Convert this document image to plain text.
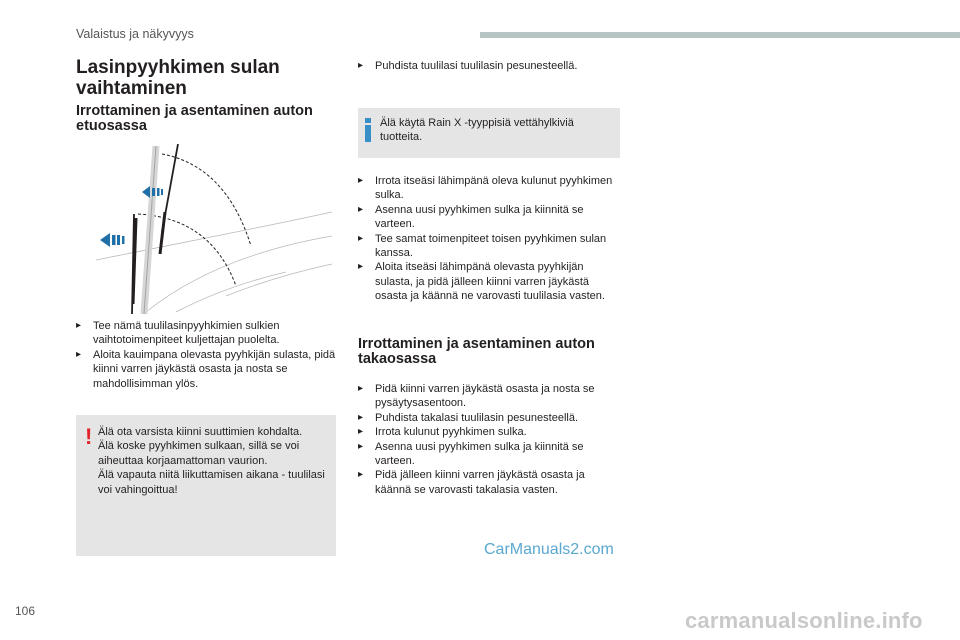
Valaistus ja näkyvyys
Lasinpyyhkimen sulan vaihtaminen
Irrottaminen ja asentaminen auton etuosassa
▸ Tee nämä tuulilasinpyyhkimien sulkien vaihtotoimenpiteet kuljettajan puolelta.
▸ Aloita kauimpana olevasta pyyhkijän sulasta, pidä kiinni varren jäykästä osasta ja nosta se mahdollisimman ylös.
! Älä ota varsista kiinni suuttimien kohdalta.
Älä koske pyyhkimen sulkaan, sillä se voi aiheuttaa korjaamattoman vaurion.
Älä vapauta niitä liikuttamisen aikana - tuulilasi voi vahingoittua!
▸ Puhdista tuulilasi tuulilasin pesunesteellä.
Älä käytä Rain X -tyyppisiä vettähylkiviä tuotteita.
▸ Irrota itseäsi lähimpänä oleva kulunut pyyhkimen sulka.
▸ Asenna uusi pyyhkimen sulka ja kiinnitä se varteen.
▸ Tee samat toimenpiteet toisen pyyhkimen sulan kanssa.
▸ Aloita itseäsi lähimpänä olevasta pyyhkijän sulasta, ja pidä jälleen kiinni varren jäykästä osasta ja käännä ne varovasti tuulilasia vasten.
Irrottaminen ja asentaminen auton takaosassa
▸ Pidä kiinni varren jäykästä osasta ja nosta se pysäytysasentoon.
▸ Puhdista takalasi tuulilasin pesunesteellä.
▸ Irrota kulunut pyyhkimen sulka.
▸ Asenna uusi pyyhkimen sulka ja kiinnitä se varteen.
▸ Pidä jälleen kiinni varren jäykästä osasta ja käännä se varovasti takalasia vasten.
CarManuals2.com
106	carmanualsonline.info
